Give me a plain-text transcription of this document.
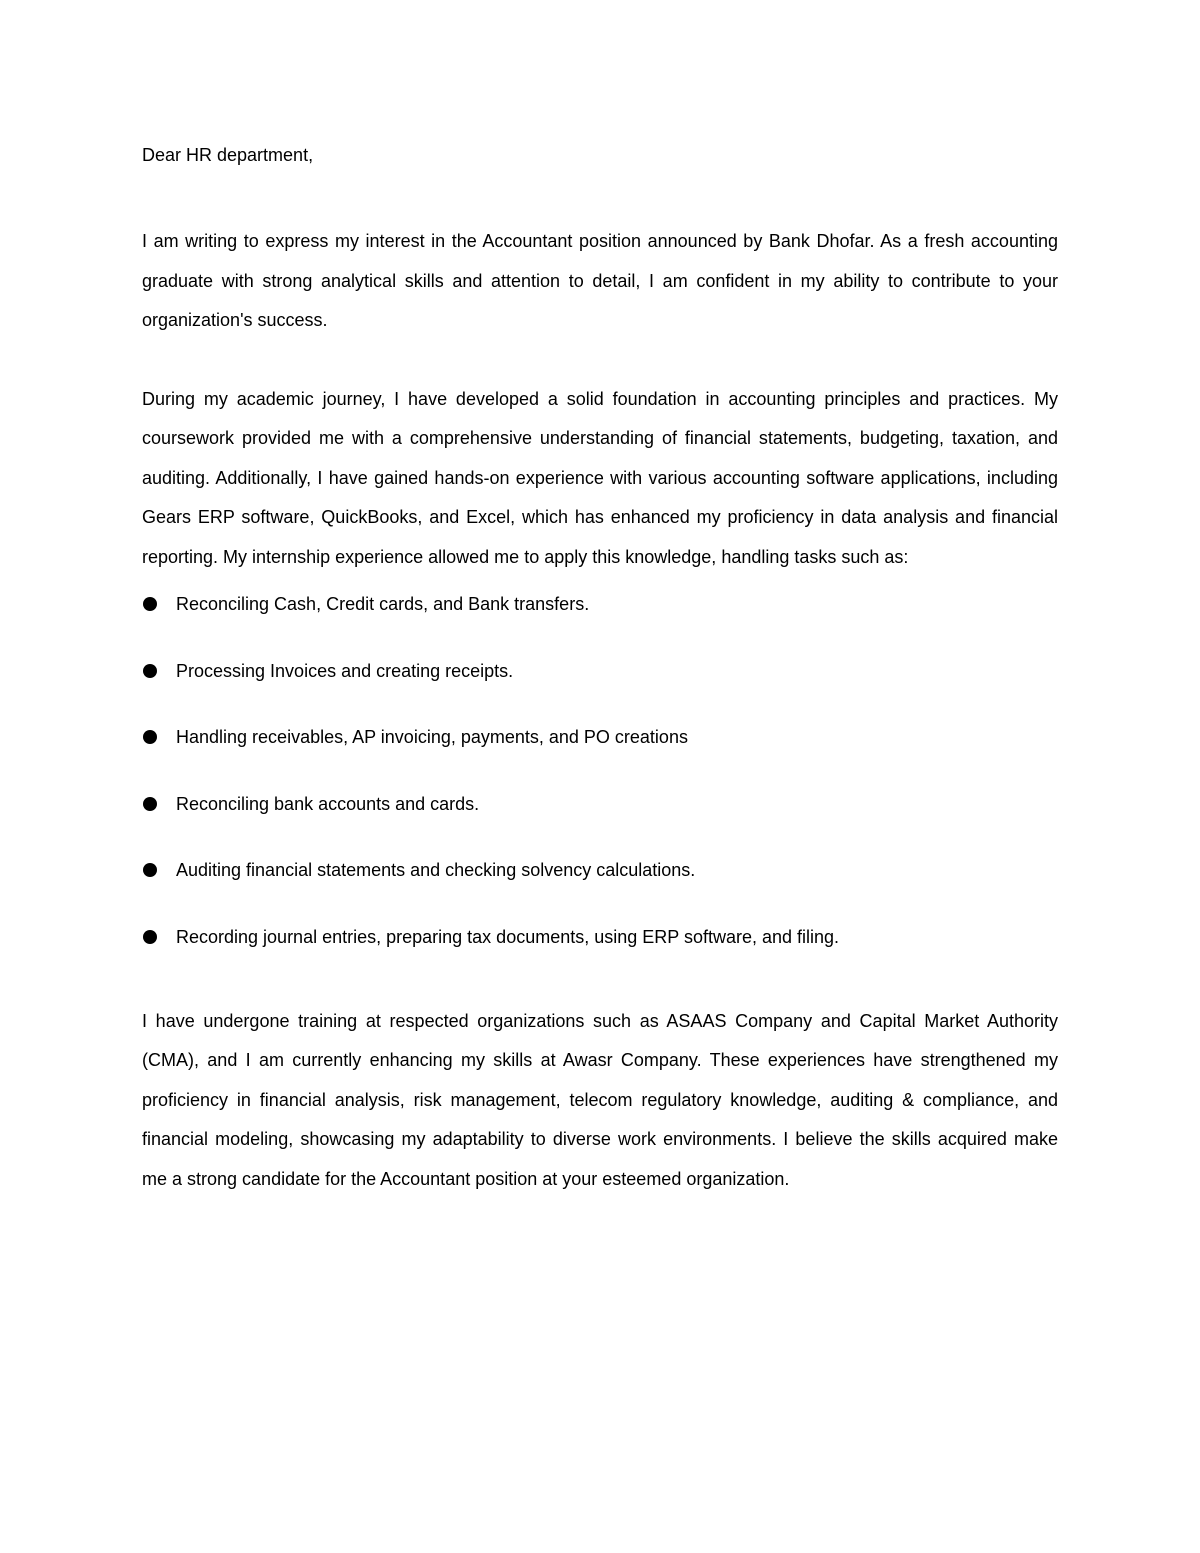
Dear HR department,

I am writing to express my interest in the Accountant position announced by Bank Dhofar. As a fresh accounting graduate with strong analytical skills and attention to detail, I am confident in my ability to contribute to your organization's success.

During my academic journey, I have developed a solid foundation in accounting principles and practices. My coursework provided me with a comprehensive understanding of financial statements, budgeting, taxation, and auditing. Additionally, I have gained hands-on experience with various accounting software applications, including Gears ERP software, QuickBooks, and Excel, which has enhanced my proficiency in data analysis and financial reporting. My internship experience allowed me to apply this knowledge, handling tasks such as:

Reconciling Cash, Credit cards, and Bank transfers.
Processing Invoices and creating receipts.
Handling receivables, AP invoicing, payments, and PO creations
Reconciling bank accounts and cards.
Auditing financial statements and checking solvency calculations.
Recording journal entries, preparing tax documents, using ERP software, and filing.

I have undergone training at respected organizations such as ASAAS Company and Capital Market Authority (CMA), and I am currently enhancing my skills at Awasr Company. These experiences have strengthened my proficiency in financial analysis, risk management, telecom regulatory knowledge, auditing & compliance, and financial modeling, showcasing my adaptability to diverse work environments. I believe the skills acquired make me a strong candidate for the Accountant position at your esteemed organization.
